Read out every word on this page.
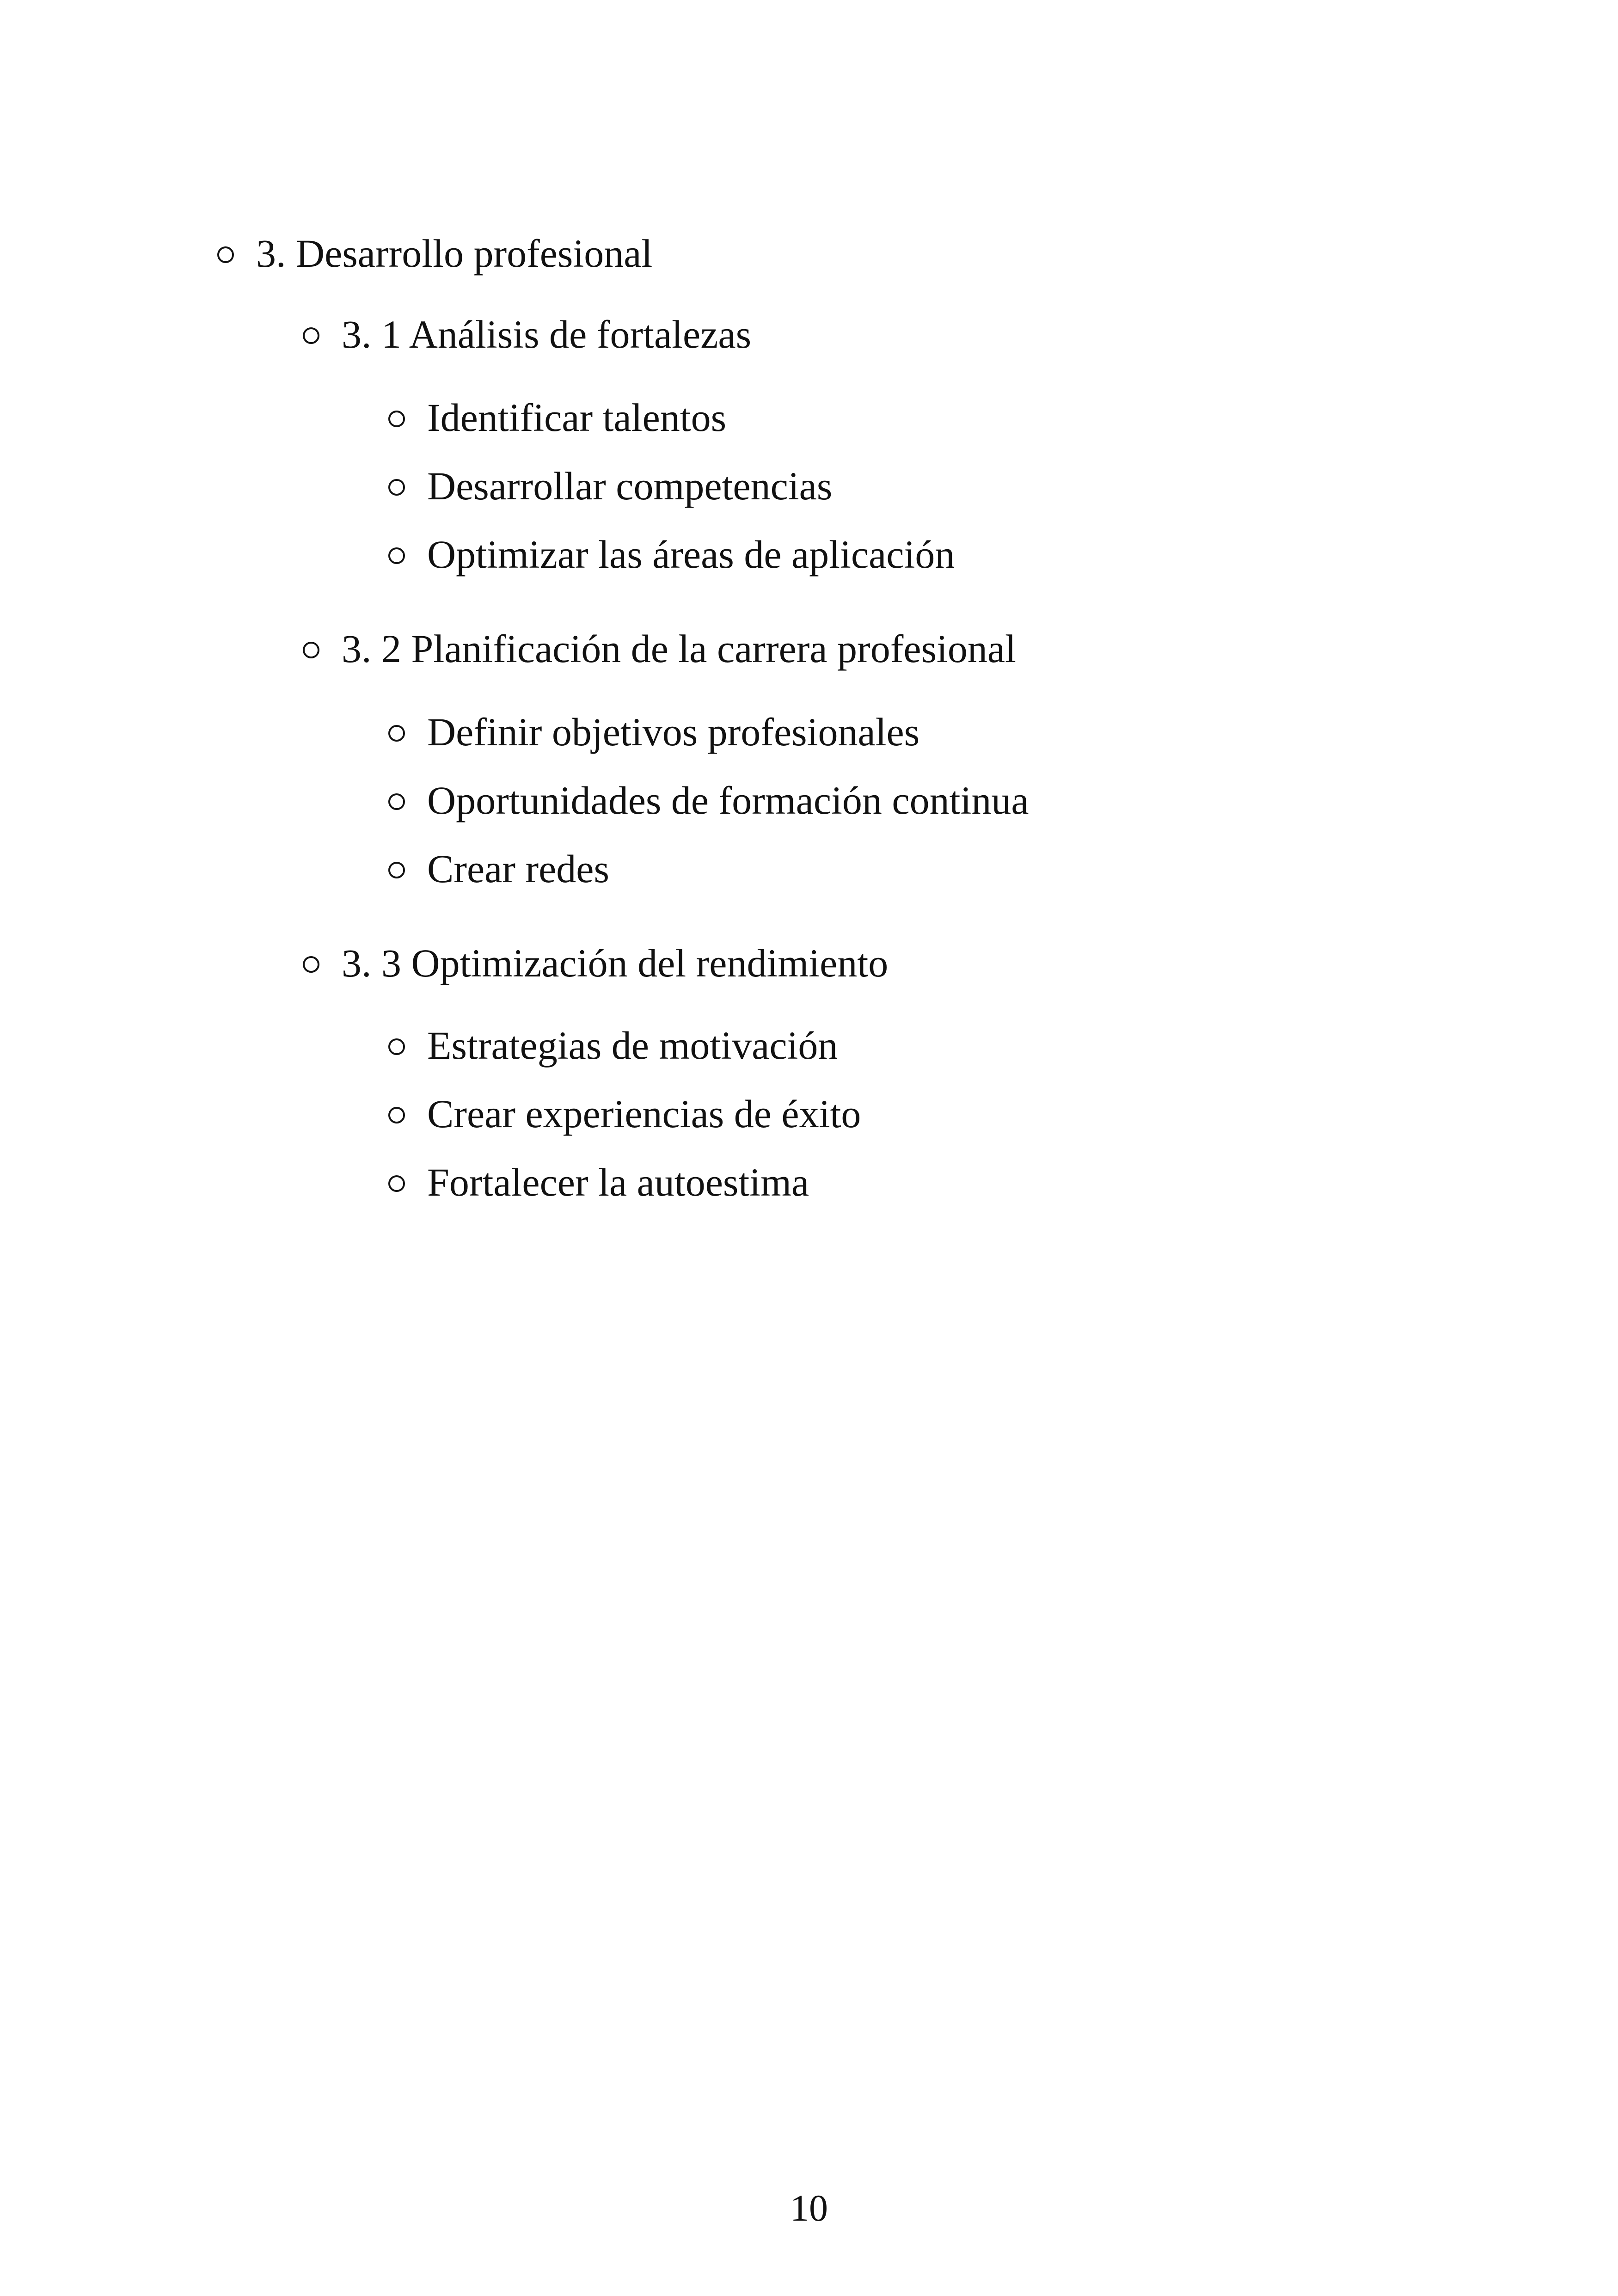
3. Desarrollo profesional
3. 1 Análisis de fortalezas
Identificar talentos
Desarrollar competencias
Optimizar las áreas de aplicación
3. 2 Planificación de la carrera profesional
Definir objetivos profesionales
Oportunidades de formación continua
Crear redes
3. 3 Optimización del rendimiento
Estrategias de motivación
Crear experiencias de éxito
Fortalecer la autoestima
10
